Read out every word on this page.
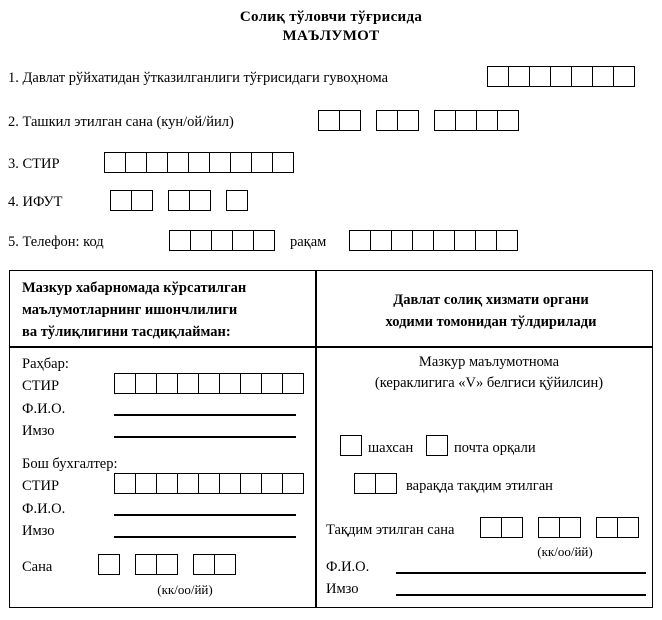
Солиқ тўловчи тўғрисида
МАЪЛУМОТ
1. Давлат рўйхатидан ўтказилганлиги тўғрисидаги гувоҳнома
2. Ташкил этилган сана (кун/ой/йил)

3. СТИР
4. ИФУТ

5. Телефон: код	рақам
Мазкур хабарномада кўрсатилган
маълумотларнинг ишончлилиги
ва тўлиқлигини тасдиқлайман:
Давлат солиқ хизмати органи
ходими томонидан тўлдирилади
Раҳбар:
СТИР
Ф.И.О.
Имзо
Бош бухгалтер:
СТИР
Ф.И.О.
Имзо
Сана

(кк/оо/йй)
Мазкур маълумотнома
(кераклигига «V» белгиси қўйилсин)
шахсан	почта орқали
варақда тақдим этилган
Тақдим этилган сана

(кк/оо/йй)
Ф.И.О.
Имзо
